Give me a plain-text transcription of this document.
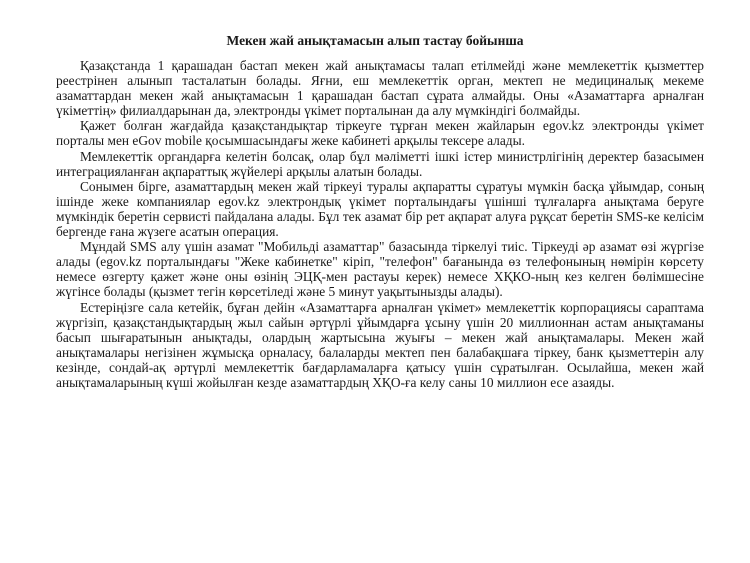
Мекен жай анықтамасын алып тастау бойынша

Қазақстанда 1 қарашадан бастап мекен жай анықтамасы талап етілмейді және мемлекеттік қызметтер реестрінен алынып тасталатын болады. Яғни, еш мемлекеттік орган, мектеп не медициналық мекеме азаматтардан мекен жай анықтамасын 1 қарашадан бастап сұрата алмайды. Оны «Азаматтарға арналған үкіметтің» филиалдарынан да, электронды үкімет порталынан да алу мүмкіндігі болмайды.

Қажет болған жағдайда қазақстандықтар тіркеуге тұрған мекен жайларын egov.kz электронды үкімет порталы мен eGov mobile қосымшасындағы жеке кабинеті арқылы тексере алады.

Мемлекеттік органдарға келетін болсақ, олар бұл мәліметті ішкі істер министрлігінің деректер базасымен интеграцияланған ақпараттық жүйелері арқылы алатын болады.

Сонымен бірге, азаматтардың мекен жай тіркеуі туралы ақпаратты сұратуы мүмкін басқа ұйымдар, соның ішінде жеке компаниялар egov.kz электрондық үкімет порталындағы үшінші тұлғаларға анықтама беруге мүмкіндік беретін сервисті пайдалана алады. Бұл тек азамат бір рет ақпарат алуға рұқсат беретін SMS-ке келісім бергенде ғана жүзеге асатын операция.

Мұндай SMS алу үшін азамат "Мобильді азаматтар" базасында тіркелуі тиіс. Тіркеуді әр азамат өзі жүргізе алады (egov.kz порталындағы "Жеке кабинетке" кіріп, "телефон" бағанында өз телефонының нөмірін көрсету немесе өзгерту қажет және оны өзінің ЭЦҚ-мен растауы керек) немесе ХҚКО-ның кез келген бөлімшесіне жүгінсе болады (қызмет тегін көрсетіледі және 5 минут уақытынызды алады).

Естеріңізге сала кетейік, бұған дейін «Азаматтарға арналған үкімет» мемлекеттік корпорациясы сараптама жүргізіп, қазақстандықтардың жыл сайын әртүрлі ұйымдарға ұсыну үшін 20 миллионнан астам анықтаманы басып шығаратынын анықтады, олардың жартысына жуығы – мекен жай анықтамалары. Мекен жай анықтамалары негізінен жұмысқа орналасу, балаларды мектеп пен балабақшаға тіркеу, банк қызметтерін алу кезінде, сондай-ақ әртүрлі мемлекеттік бағдарламаларға қатысу үшін сұратылған. Осылайша, мекен жай анықтамаларының күші жойылған кезде азаматтардың ХҚО-ға келу саны 10 миллион есе азаяды.
